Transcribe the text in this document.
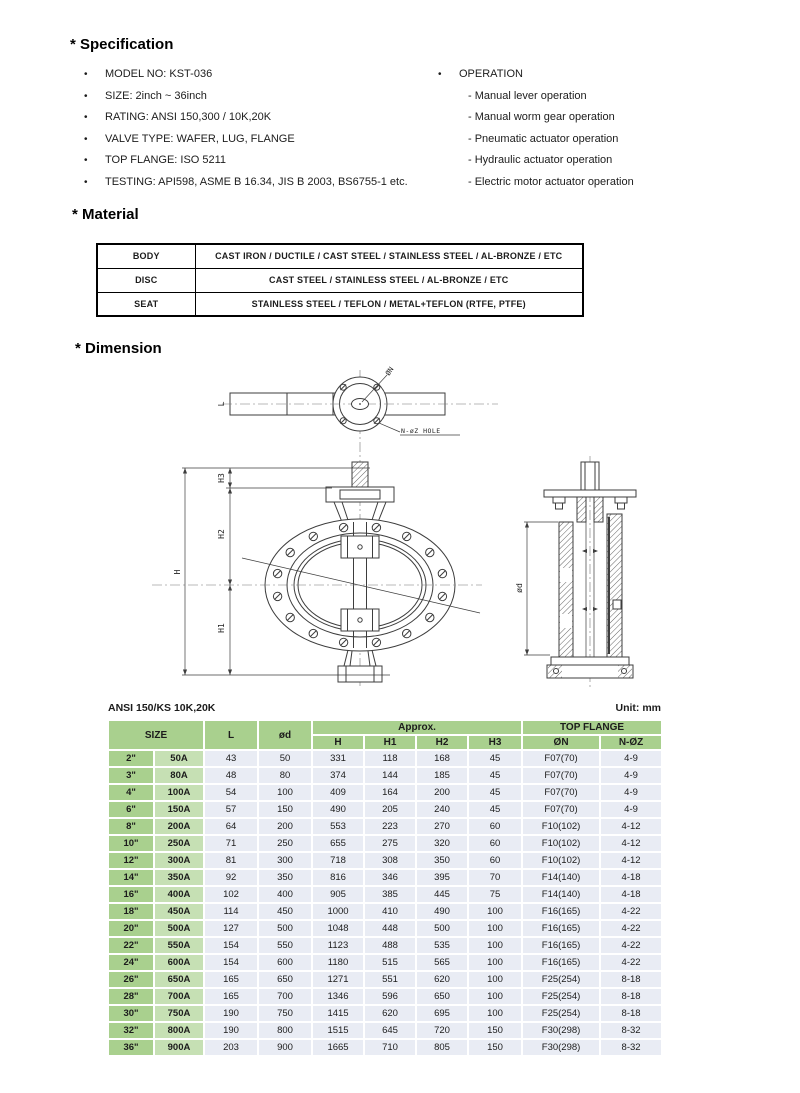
* Specification
•	MODEL NO: KST-036
•	SIZE: 2inch ~ 36inch
•	RATING: ANSI 150,300 / 10K,20K
•	VALVE TYPE: WAFER, LUG, FLANGE
•	TOP FLANGE: ISO 5211
•	TESTING: API598, ASME B 16.34, JIS B 2003, BS6755-1 etc.
•	OPERATION
- Manual lever operation
- Manual worm gear operation
- Pneumatic actuator operation
- Hydraulic actuator operation
- Electric motor actuator operation
* Material
BODY	CAST IRON / DUCTILE / CAST STEEL / STAINLESS STEEL / AL-BRONZE / ETC
DISC	CAST STEEL / STAINLESS STEEL / AL-BRONZE / ETC
SEAT	STAINLESS STEEL / TEFLON / METAL+TEFLON (RTFE, PTFE)
* Dimension
L
ØN
N-øZ HOLE
H
H3
H2
H1
ød
ANSI 150/KS 10K,20K	Unit: mm
SIZE		L	ød	Approx.				TOP FLANGE	
				H	H1	H2	H3	ØN	N-ØZ
2"	50A	43	50	331	118	168	45	F07(70)	4-9
3"	80A	48	80	374	144	185	45	F07(70)	4-9
4"	100A	54	100	409	164	200	45	F07(70)	4-9
6"	150A	57	150	490	205	240	45	F07(70)	4-9
8"	200A	64	200	553	223	270	60	F10(102)	4-12
10"	250A	71	250	655	275	320	60	F10(102)	4-12
12"	300A	81	300	718	308	350	60	F10(102)	4-12
14"	350A	92	350	816	346	395	70	F14(140)	4-18
16"	400A	102	400	905	385	445	75	F14(140)	4-18
18"	450A	114	450	1000	410	490	100	F16(165)	4-22
20"	500A	127	500	1048	448	500	100	F16(165)	4-22
22"	550A	154	550	1123	488	535	100	F16(165)	4-22
24"	600A	154	600	1180	515	565	100	F16(165)	4-22
26"	650A	165	650	1271	551	620	100	F25(254)	8-18
28"	700A	165	700	1346	596	650	100	F25(254)	8-18
30"	750A	190	750	1415	620	695	100	F25(254)	8-18
32"	800A	190	800	1515	645	720	150	F30(298)	8-32
36"	900A	203	900	1665	710	805	150	F30(298)	8-32
